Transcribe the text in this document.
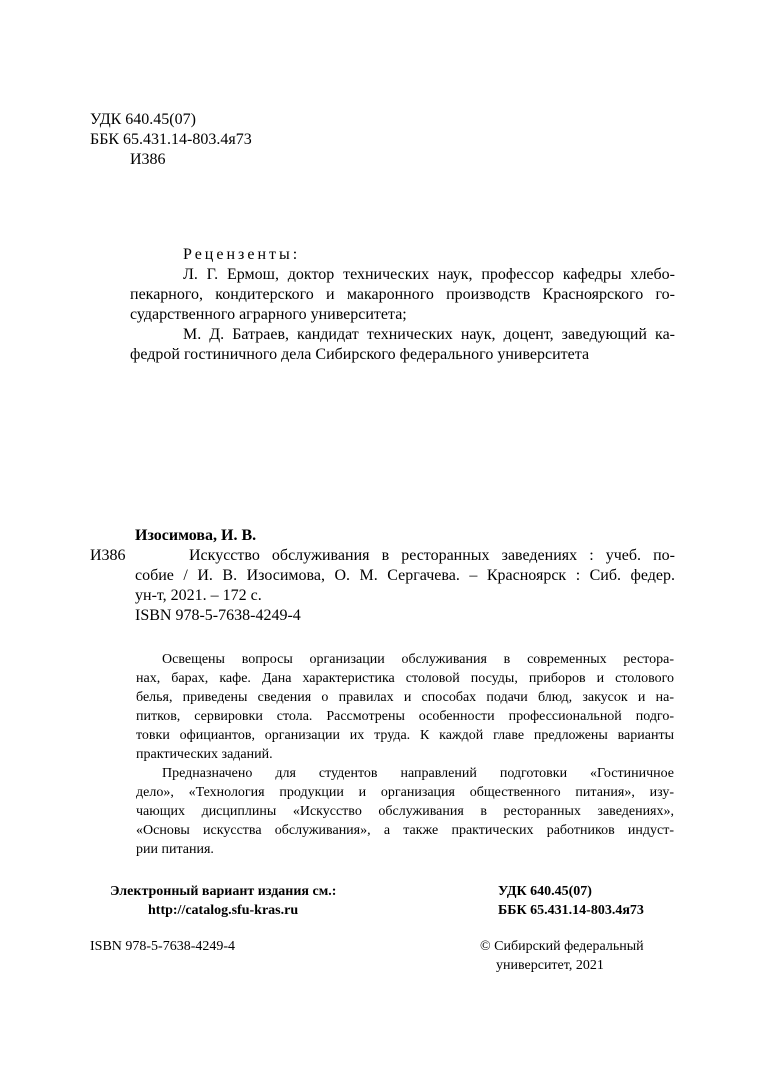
УДК 640.45(07)
ББК 65.431.14-803.4я73
И386
Рецензенты:
Л. Г. Ермош, доктор технических наук, профессор кафедры хлебо-
пекарного, кондитерского и макаронного производств Красноярского го-
сударственного аграрного университета;
М. Д. Батраев, кандидат технических наук, доцент, заведующий ка-
федрой гостиничного дела Сибирского федерального университета
Изосимова, И. В.
И386	Искусство обслуживания в ресторанных заведениях : учеб. по-
собие / И. В. Изосимова, О. М. Сергачева. – Красноярск : Сиб. федер.
ун-т, 2021. – 172 с.
ISBN 978-5-7638-4249-4
Освещены вопросы организации обслуживания в современных рестора-
нах, барах, кафе. Дана характеристика столовой посуды, приборов и столового
белья, приведены сведения о правилах и способах подачи блюд, закусок и на-
питков, сервировки стола. Рассмотрены особенности профессиональной подго-
товки официантов, организации их труда. К каждой главе предложены варианты
практических заданий.
Предназначено для студентов направлений подготовки «Гостиничное
дело», «Технология продукции и организация общественного питания», изу-
чающих дисциплины «Искусство обслуживания в ресторанных заведениях»,
«Основы искусства обслуживания», а также практических работников индуст-
рии питания.
Электронный вариант издания см.:
http://catalog.sfu-kras.ru
УДК 640.45(07)
ББК 65.431.14-803.4я73
ISBN 978-5-7638-4249-4	© Сибирский федеральный
университет, 2021
